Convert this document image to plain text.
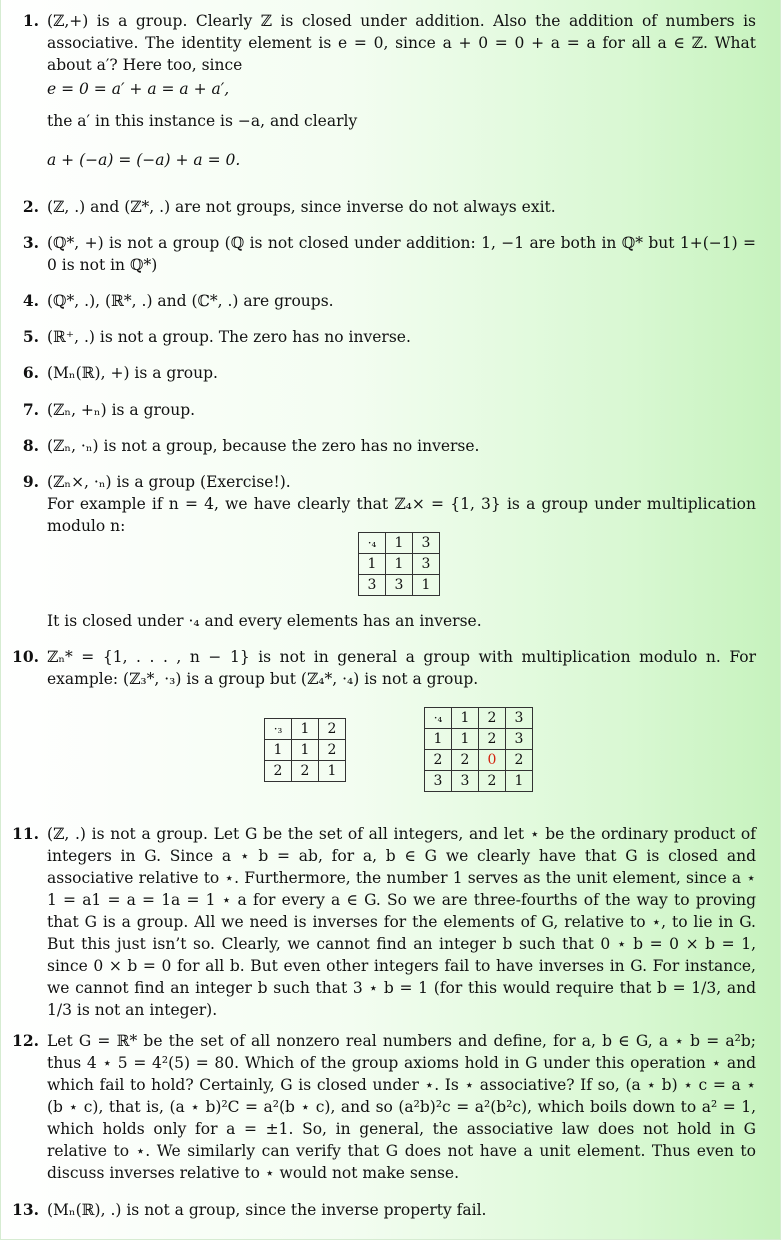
1. (ℤ,+) is a group. Clearly ℤ is closed under addition. Also the addition of numbers is associative. The identity element is e = 0, since a + 0 = 0 + a = a for all a ∈ ℤ. What about a′? Here too, since

e = 0 = a′ + a = a + a′,

the a′ in this instance is −a, and clearly

a + (−a) = (−a) + a = 0.

2. (ℤ, .) and (ℤ*, .) are not groups, since inverse do not always exit.

3. (ℚ*, +) is not a group (ℚ is not closed under addition: 1, −1 are both in ℚ* but 1+(−1) = 0 is not in ℚ*)

4. (ℚ*, .), (ℝ*, .) and (ℂ*, .) are groups.

5. (ℝ⁺, .) is not a group. The zero has no inverse.

6. (Mₙ(ℝ), +) is a group.

7. (ℤₙ, +ₙ) is a group.

8. (ℤₙ, ·ₙ) is not a group, because the zero has no inverse.

9. (ℤₙ×, ·ₙ) is a group (Exercise!).

For example if n = 4, we have clearly that ℤ₄× = {1, 3} is a group under multiplication modulo n:

·₄	1	3
1	1	3
3	3	1

It is closed under ·₄ and every elements has an inverse.

10. ℤₙ* = {1, . . . , n − 1} is not in general a group with multiplication modulo n. For example: (ℤ₃*, ·₃) is a group but (ℤ₄*, ·₄) is not a group.

·₃	1	2
1	1	2
2	2	1
·₄	1	2	3
1	1	2	3
2	2	0	2
3	3	2	1
11. (ℤ, .) is not a group. Let G be the set of all integers, and let ⋆ be the ordinary product of integers in G. Since a ⋆ b = ab, for a, b ∈ G we clearly have that G is closed and associative relative to ⋆. Furthermore, the number 1 serves as the unit element, since a ⋆ 1 = a1 = a = 1a = 1 ⋆ a for every a ∈ G. So we are three-fourths of the way to proving that G is a group. All we need is inverses for the elements of G, relative to ⋆, to lie in G. But this just isn’t so. Clearly, we cannot find an integer b such that 0 ⋆ b = 0 × b = 1, since 0 × b = 0 for all b. But even other integers fail to have inverses in G. For instance, we cannot find an integer b such that 3 ⋆ b = 1 (for this would require that b = 1/3, and 1/3 is not an integer).

12. Let G = ℝ* be the set of all nonzero real numbers and define, for a, b ∈ G, a ⋆ b = a²b; thus 4 ⋆ 5 = 4²(5) = 80. Which of the group axioms hold in G under this operation ⋆ and which fail to hold? Certainly, G is closed under ⋆. Is ⋆ associative? If so, (a ⋆ b) ⋆ c = a ⋆ (b ⋆ c), that is, (a ⋆ b)²C = a²(b ⋆ c), and so (a²b)²c = a²(b²c), which boils down to a² = 1, which holds only for a = ±1. So, in general, the associative law does not hold in G relative to ⋆. We similarly can verify that G does not have a unit element. Thus even to discuss inverses relative to ⋆ would not make sense.

13. (Mₙ(ℝ), .) is not a group, since the inverse property fail.
